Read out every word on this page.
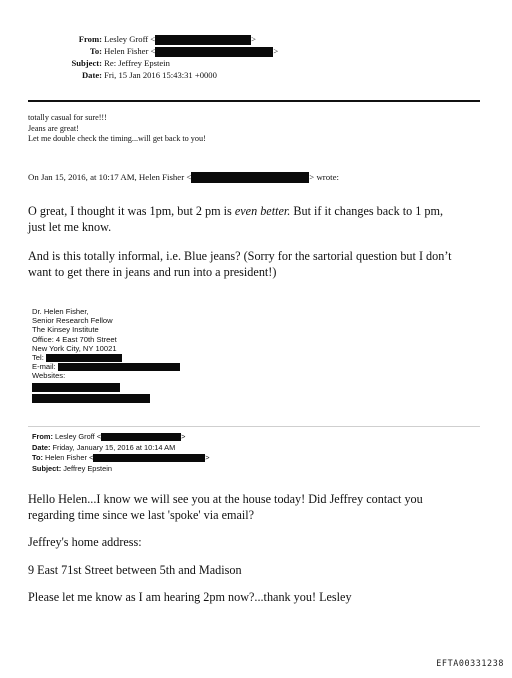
From: Lesley Groff <	>
To: Helen Fisher <	>
Subject: Re: Jeffrey Epstein
Date: Fri, 15 Jan 2016 15:43:31 +0000
totally casual for sure!!!
Jeans are great!
Let me double check the timing...will get back to you!
On Jan 15, 2016, at 10:17 AM, Helen Fisher <	> wrote:
O great, I thought it was 1pm, but 2 pm is even better. But if it changes back to 1 pm,
just let me know.
And is this totally informal, i.e. Blue jeans? (Sorry for the sartorial question but I don’t
want to get there in jeans and run into a president!)
Dr. Helen Fisher,
Senior Research Fellow
The Kinsey Institute
Office: 4 East 70th Street
New York City, NY 10021
Tel:
E-mail:
Websites:
From: Lesley Groff <	>
Date: Friday, January 15, 2016 at 10:14 AM
To: Helen Fisher <	>
Subject: Jeffrey Epstein
Hello Helen...I know we will see you at the house today! Did Jeffrey contact you
regarding time since we last 'spoke' via email?
Jeffrey's home address:
9 East 71st Street between 5th and Madison
Please let me know as I am hearing 2pm now?...thank you! Lesley
EFTA00331238
